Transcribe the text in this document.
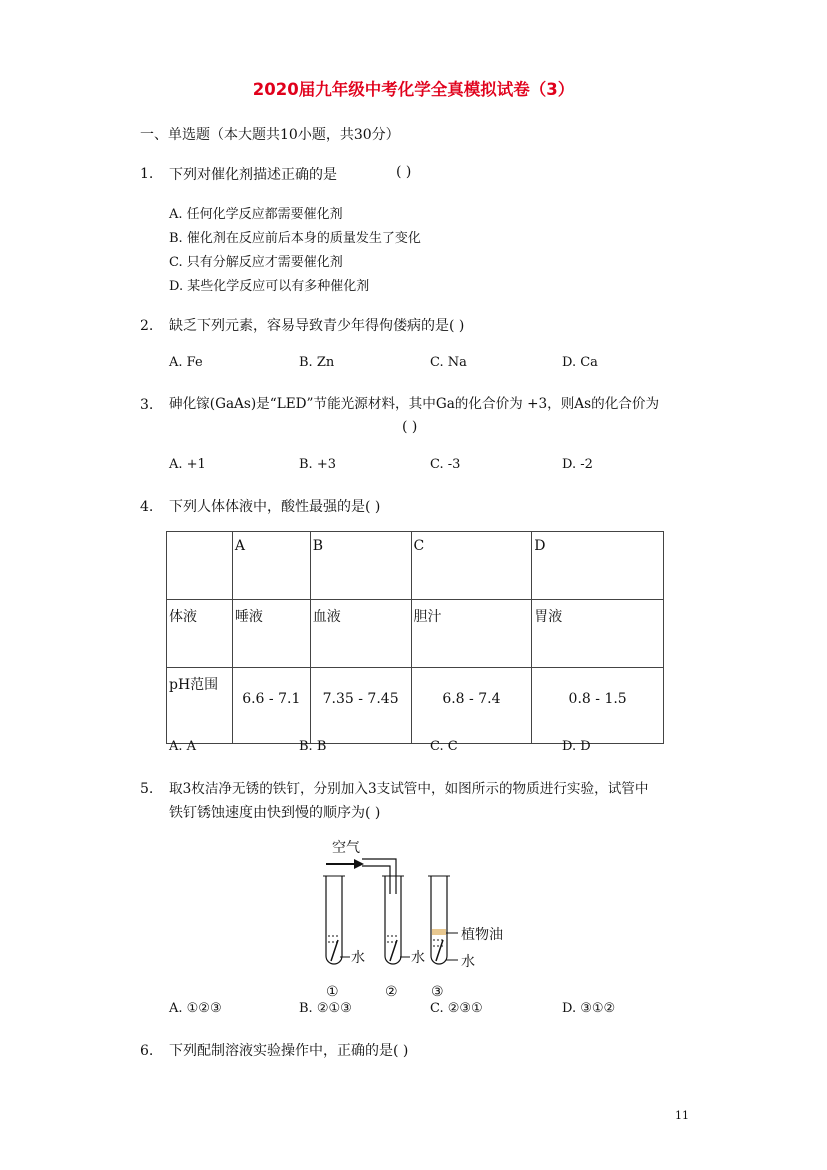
2020届九年级中考化学全真模拟试卷（3）
一、单选题（本大题共10小题，共30分）
1. 下列对催化剂描述正确的是	( )
A. 任何化学反应都需要催化剂
B. 催化剂在反应前后本身的质量发生了变化
C. 只有分解反应才需要催化剂
D. 某些化学反应可以有多种催化剂
2. 缺乏下列元素，容易导致青少年得佝偻病的是( )
A. Fe	B. Zn	C. Na	D. Ca
3. 砷化镓(GaAs)是“LED”节能光源材料，其中Ga的化合价为 +3，则As的化合价为
( )
A. +1	B. +3	C. -3	D. -2
4. 下列人体体液中，酸性最强的是( )
	A	B	C	D
体液	唾液	血液	胆汁	胃液
pH范围	6.6 - 7.1	7.35 - 7.45	6.8 - 7.4	0.8 - 1.5
A. A	B. B	C. C	D. D
5. 取3枚洁净无锈的铁钉，分别加入3支试管中，如图所示的物质进行实验，试管中
铁钉锈蚀速度由快到慢的顺序为( )
空气
水
①
水
②
植物油
水
③
A. ①②③	B. ②①③	C. ②③①	D. ③①②
6. 下列配制溶液实验操作中，正确的是( )
11
